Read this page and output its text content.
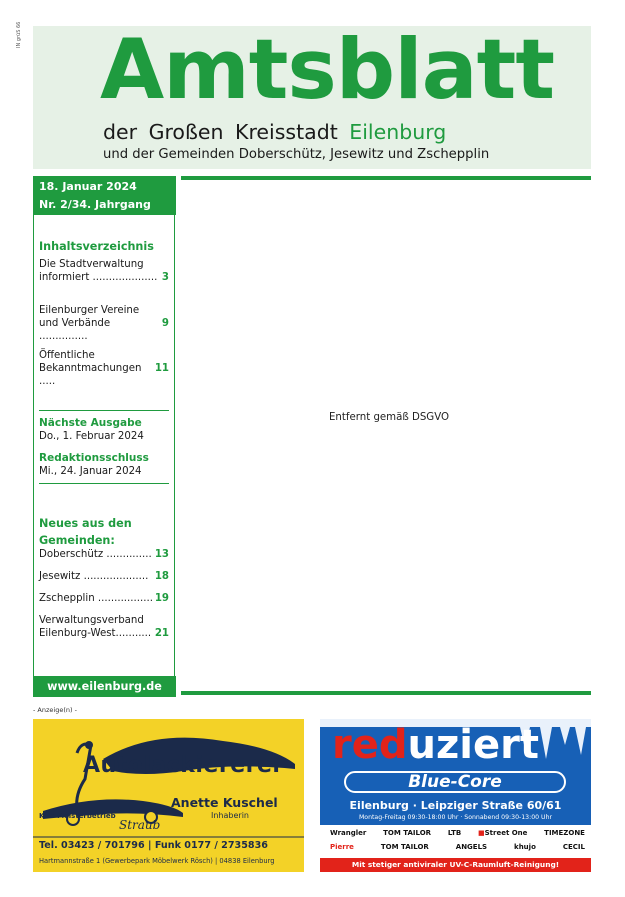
IN grüS 66 Amtsblatt
der Großen Kreisstadt Eilenburg
und der Gemeinden Doberschütz, Jesewitz und Zschepplin
18. Januar 2024
Nr. 2/34. Jahrgang
Inhaltsverzeichnis
Die Stadtverwaltung
informiert .................... 3
Eilenburger Vereine
und Verbände ...............
9
Öffentliche
Bekanntmachungen .....
11
Nächste Ausgabe
Do., 1. Februar 2024
Redaktionsschluss
Mi., 24. Januar 2024
Neues aus den
Gemeinden:
Doberschütz .............. 13
Jesewitz .................... 18
Zschepplin ................. 19
Verwaltungsverband
Eilenburg-West........... 21
www.eilenburg.de
Entfernt gemäß DSGVO
- Anzeige(n) -
Autolackiererei
KFZ-Meisterbetrieb
Straub
Anette Kuschel
Inhaberin
Tel. 03423 / 701796 | Funk 0177 / 2735836
Hartmannstraße 1 (Gewerbepark Möbelwerk Rösch) | 04838 Eilenburg
reduziert
Blue-Core
Eilenburg · Leipziger Straße 60/61
Montag-Freitag 09:30-18:00 Uhr · Sonnabend 09:30-13:00 Uhr
Wrangler TOM TAILOR LTB ■Street One TIMEZONE
Pierre	TOM TAILOR	ANGELS	khujo	CECIL
Mit stetiger antiviraler UV-C-Raumluft-Reinigung!
